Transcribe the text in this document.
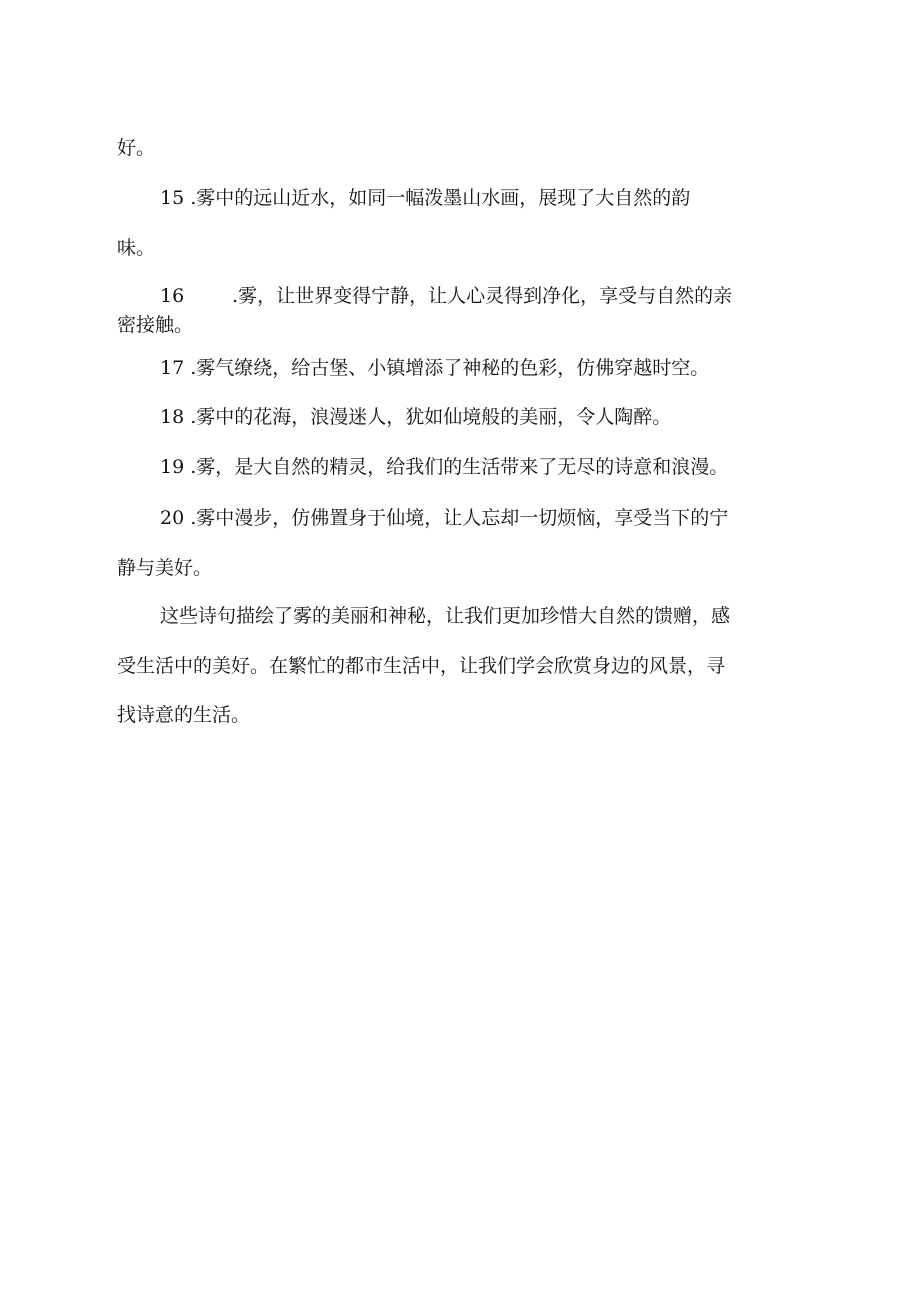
好。
15 .雾中的远山近水，如同一幅泼墨山水画，展现了大自然的韵
味。
16	.雾，让世界变得宁静，让人心灵得到净化，享受与自然的亲
密接触。
17 .雾气缭绕，给古堡、小镇增添了神秘的色彩，仿佛穿越时空。
18 .雾中的花海，浪漫迷人，犹如仙境般的美丽，令人陶醉。
19 .雾，是大自然的精灵，给我们的生活带来了无尽的诗意和浪漫。
20 .雾中漫步，仿佛置身于仙境，让人忘却一切烦恼，享受当下的宁
静与美好。
这些诗句描绘了雾的美丽和神秘，让我们更加珍惜大自然的馈赠，感
受生活中的美好。在繁忙的都市生活中，让我们学会欣赏身边的风景，寻
找诗意的生活。
